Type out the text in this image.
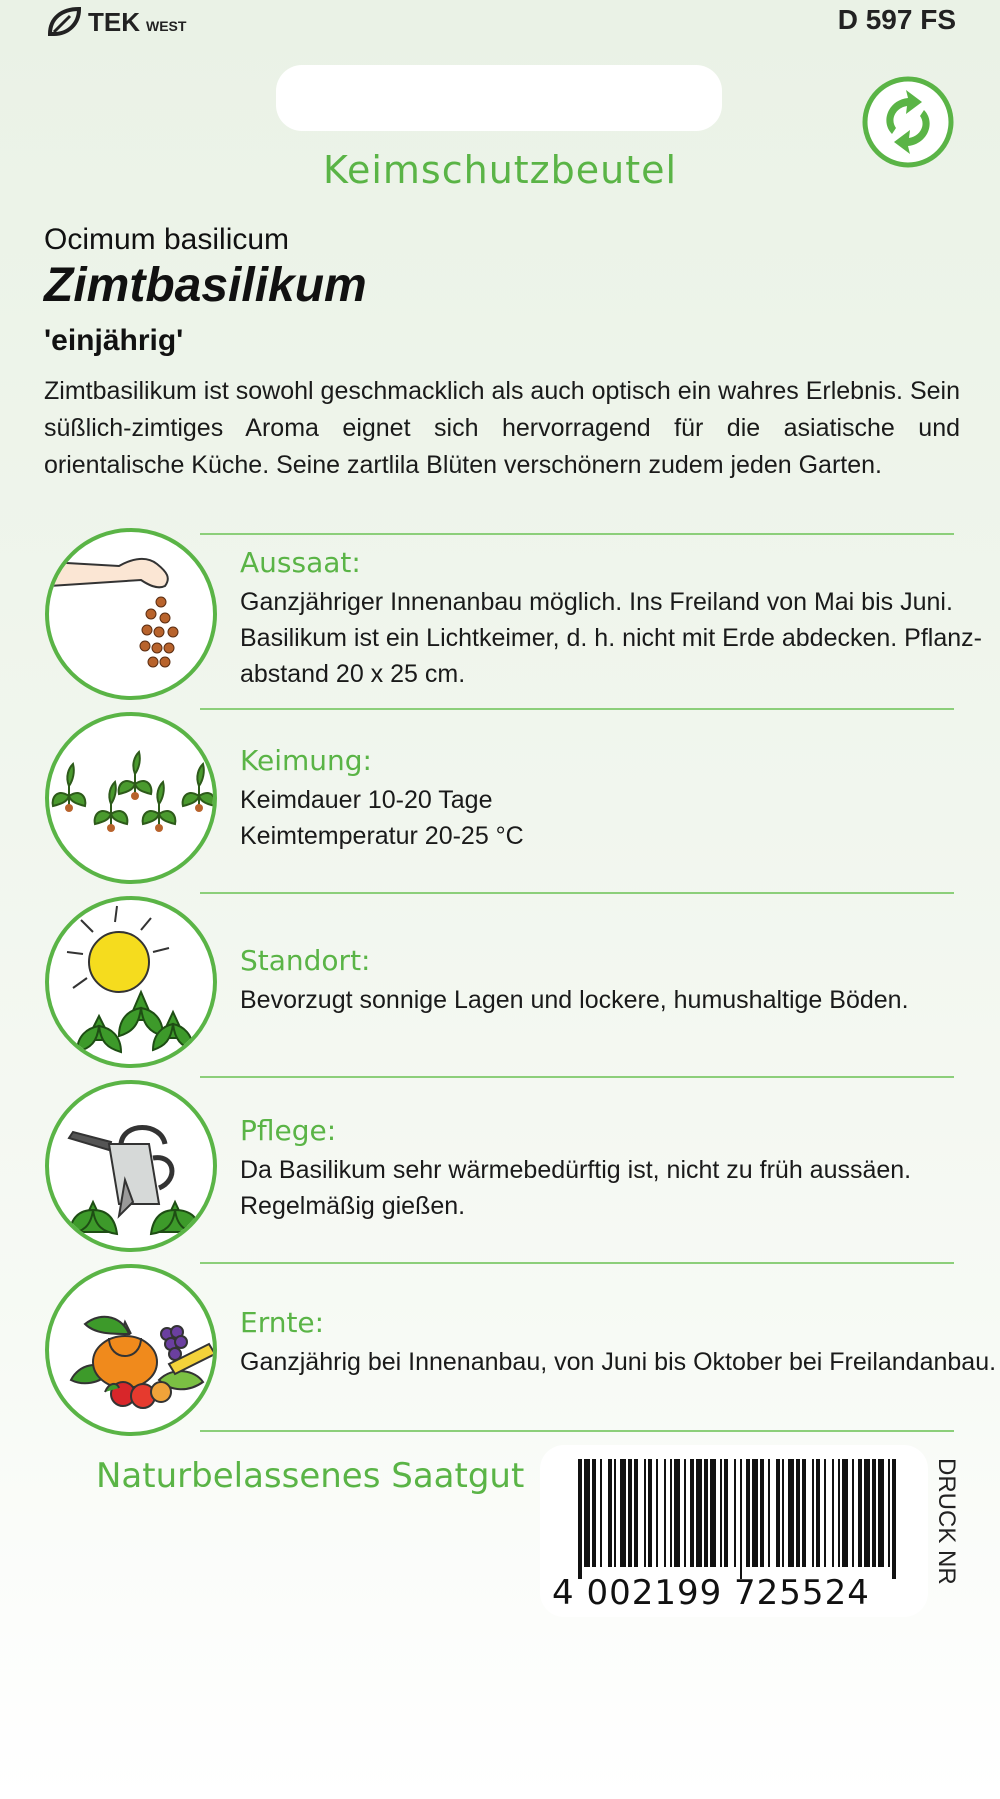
TEK WEST	D 597 FS
Keimschutzbeutel
Ocimum basilicum
Zimtbasilikum
'einjährig'
Zimtbasilikum ist sowohl geschmacklich als auch optisch ein wahres Erlebnis. Sein süßlich-zimtiges Aroma eignet sich hervorragend für die asiatische und orientalische Küche. Seine zartlila Blüten verschönern zudem jeden Garten.
Aussaat:
Ganzjähriger Innenanbau möglich. Ins Freiland von Mai bis Juni.
Basilikum ist ein Lichtkeimer, d. h. nicht mit Erde abdecken. Pflanz-
abstand 20 x 25 cm.
Keimung:
Keimdauer 10-20 Tage
Keimtemperatur 20-25 °C
Standort:
Bevorzugt sonnige Lagen und lockere, humushaltige Böden.
Pflege:
Da Basilikum sehr wärmebedürftig ist, nicht zu früh aussäen.
Regelmäßig gießen.
Ernte:
Ganzjährig bei Innenanbau, von Juni bis Oktober bei Freilandanbau.
Naturbelassenes Saatgut
4 002199 725524
DRUCK NR
